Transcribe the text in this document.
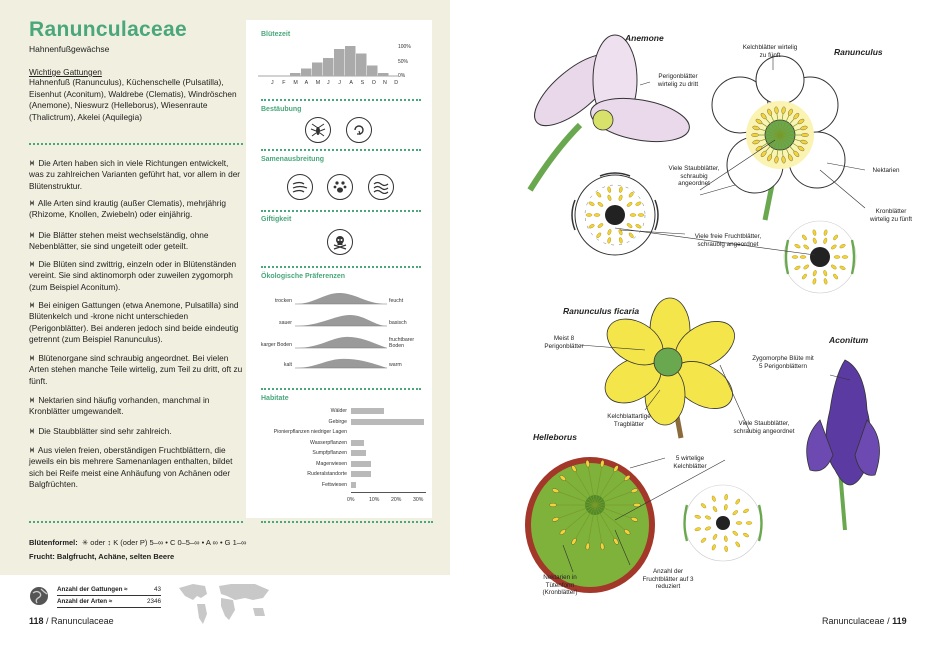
Ranunculaceae
Hahnenfußgewächse
Wichtige Gattungen
Hahnenfuß (Ranunculus), Küchenschelle (Pulsatilla), Eisenhut (Aconitum), Waldrebe (Clematis), Windröschen (Anemone), Nieswurz (Helleborus), Wiesenraute (Thalictrum), Akelei (Aquilegia)
Die Arten haben sich in viele Richtungen entwickelt, was zu zahlreichen Varianten geführt hat, vor allem in der Blütenstruktur.
Alle Arten sind krautig (außer Clematis), mehrjährig (Rhizome, Knollen, Zwiebeln) oder einjährig.
Die Blätter stehen meist wechselständig, ohne Nebenblätter, sie sind ungeteilt oder geteilt.
Die Blüten sind zwittrig, einzeln oder in Blütenständen vereint. Sie sind aktinomorph oder zuweilen zygomorph (zum Beispiel Aconitum).
Bei einigen Gattungen (etwa Anemone, Pulsatilla) sind Blütenkelch und -krone nicht unterschieden (Perigonblätter). Bei anderen jedoch sind beide eindeutig getrennt (zum Beispiel Ranunculus).
Blütenorgane sind schraubig angeordnet. Bei vielen Arten stehen manche Teile wirtelig, zum Teil zu dritt, oft zu fünft.
Nektarien sind häufig vorhanden, manchmal in Kronblätter umgewandelt.
Die Staubblätter sind sehr zahlreich.
Aus vielen freien, oberständigen Fruchtblättern, die jeweils ein bis mehrere Samenanlagen enthalten, bildet sich bei Reife meist eine Anhäufung von Achänen oder Balgfrüchten.
Blütezeit
100%
50%
0%
J F M A M J J A S O N D
Bestäubung
Samenausbreitung
Giftigkeit
Ökologische Präferenzen
trocken	feucht
sauer	basisch
karger Boden
fruchtbarer Boden
kalt	warm
Habitate
Wälder
Gebirge
Pionierpflanzen niedriger Lagen
Wasserpflanzen
Sumpfpflanzen
Magerwiesen
Ruderalstandorte
Fettwiesen
0%	10% 20% 30%
Blütenformel: ✳ oder ↕ K (oder P) 5–∞ • C 0–5–∞ • A ∞ • G 1–∞
Frucht: Balgfrucht, Achäne, selten Beere
Anzahl der Gattungen ≈	43
Anzahl der Arten ≈	2346
118 / Ranunculaceae
Anemone
Perigonblätter wirtelig zu dritt
Ranunculus
Kelchblätter wirtelig zu fünft
Nektarien
Kronblätter wirtelig zu fünft
Viele Staubblätter, schraubig angeordnet
Viele freie Fruchtblätter, schraubig angeordnet
Ranunculus ficaria
Meist 8 Perigonblätter
Kelchblattartige Tragblätter	Viele Staubblätter, schraubig angeordnet
Aconitum
Zygomorphe Blüte mit 5 Perigonblättern
Helleborus
5 wirtelige Kelchblätter
Nektarien in Tütenform (Kronblätter)
Anzahl der Fruchtblätter auf 3 reduziert
Ranunculaceae / 119
